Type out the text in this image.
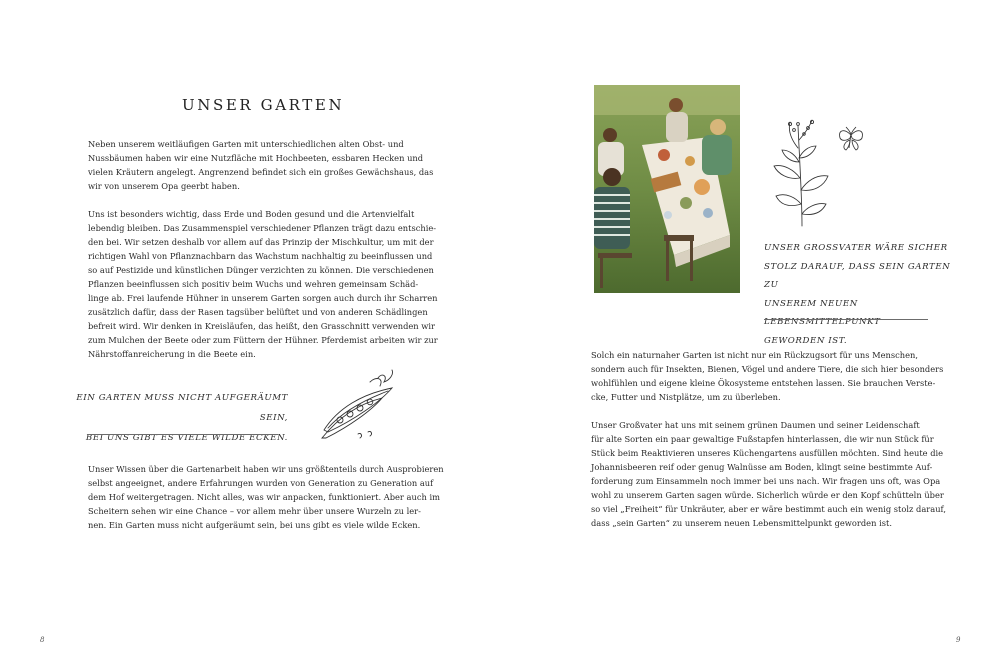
UNSER GARTEN

Neben unserem weitläufigen Garten mit unterschiedlichen alten Obst- und
Nussbäumen haben wir eine Nutzfläche mit Hochbeeten, essbaren Hecken und
vielen Kräutern angelegt. Angrenzend befindet sich ein großes Gewächshaus, das
wir von unserem Opa geerbt haben.

Uns ist besonders wichtig, dass Erde und Boden gesund und die Artenvielfalt
lebendig bleiben. Das Zusammenspiel verschiedener Pflanzen trägt dazu entschie-
den bei. Wir setzen deshalb vor allem auf das Prinzip der Mischkultur, um mit der
richtigen Wahl von Pflanznachbarn das Wachstum nachhaltig zu beeinflussen und
so auf Pestizide und künstlichen Dünger verzichten zu können. Die verschiedenen
Pflanzen beeinflussen sich positiv beim Wuchs und wehren gemeinsam Schäd-
linge ab. Frei laufende Hühner in unserem Garten sorgen auch durch ihr Scharren
zusätzlich dafür, dass der Rasen tagsüber belüftet und von anderen Schädlingen
befreit wird. Wir denken in Kreisläufen, das heißt, den Grasschnitt verwenden wir
zum Mulchen der Beete oder zum Füttern der Hühner. Pferdemist arbeiten wir zur
Nährstoffanreicherung in die Beete ein.

EIN GARTEN MUSS NICHT AUFGERÄUMT SEIN,
BEI UNS GIBT ES VIELE WILDE ECKEN.

Unser Wissen über die Gartenarbeit haben wir uns größtenteils durch Ausprobieren
selbst angeeignet, andere Erfahrungen wurden von Generation zu Generation auf
dem Hof weitergetragen. Nicht alles, was wir anpacken, funktioniert. Aber auch im
Scheitern sehen wir eine Chance – vor allem mehr über unsere Wurzeln zu ler-
nen. Ein Garten muss nicht aufgeräumt sein, bei uns gibt es viele wilde Ecken.

8
UNSER GROSSVATER WÄRE SICHER
STOLZ DARAUF, DASS SEIN GARTEN ZU
UNSEREM NEUEN LEBENSMITTELPUNKT
GEWORDEN IST.

Solch ein naturnaher Garten ist nicht nur ein Rückzugsort für uns Menschen,
sondern auch für Insekten, Bienen, Vögel und andere Tiere, die sich hier besonders
wohlfühlen und eigene kleine Ökosysteme entstehen lassen. Sie brauchen Verste-
cke, Futter und Nistplätze, um zu überleben.

Unser Großvater hat uns mit seinem grünen Daumen und seiner Leidenschaft
für alte Sorten ein paar gewaltige Fußstapfen hinterlassen, die wir nun Stück für
Stück beim Reaktivieren unseres Küchengartens ausfüllen möchten. Sind heute die
Johannisbeeren reif oder genug Walnüsse am Boden, klingt seine bestimmte Auf-
forderung zum Einsammeln noch immer bei uns nach. Wir fragen uns oft, was Opa
wohl zu unserem Garten sagen würde. Sicherlich würde er den Kopf schütteln über
so viel „Freiheit“ für Unkräuter, aber er wäre bestimmt auch ein wenig stolz darauf,
dass „sein Garten“ zu unserem neuen Lebensmittelpunkt geworden ist.

9
